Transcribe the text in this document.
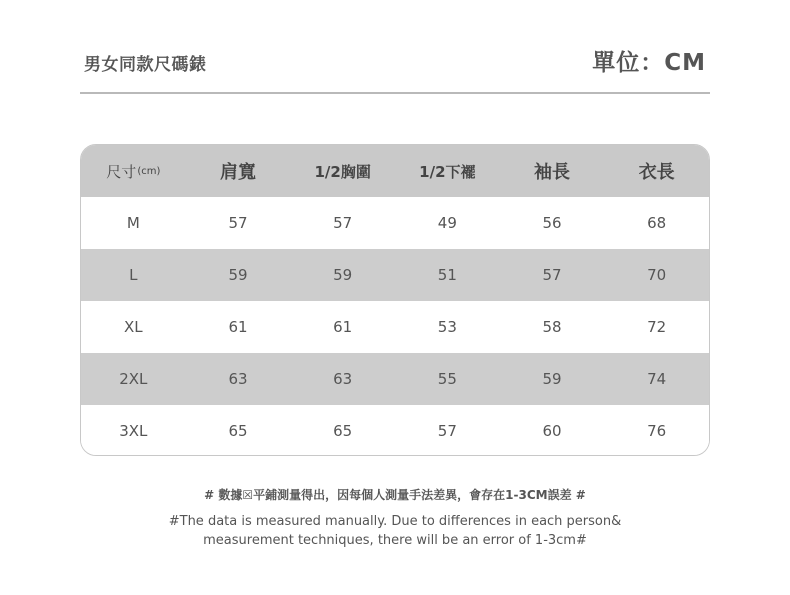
男女同款尺碼錶	單位：CM
尺寸 (cm)	肩寬	1/2胸圍	1/2下襬	袖長	衣長
M	57	57	49	56	68
L	59	59	51	57	70
XL	61	61	53	58	72
2XL	63	63	55	59	74
3XL	65	65	57	60	76
# 數據☒平鋪測量得出，因每個人測量手法差異，會存在1-3CM誤差 #
#The data is measured manually. Due to differences in each person&
measurement techniques, there will be an error of 1-3cm#
